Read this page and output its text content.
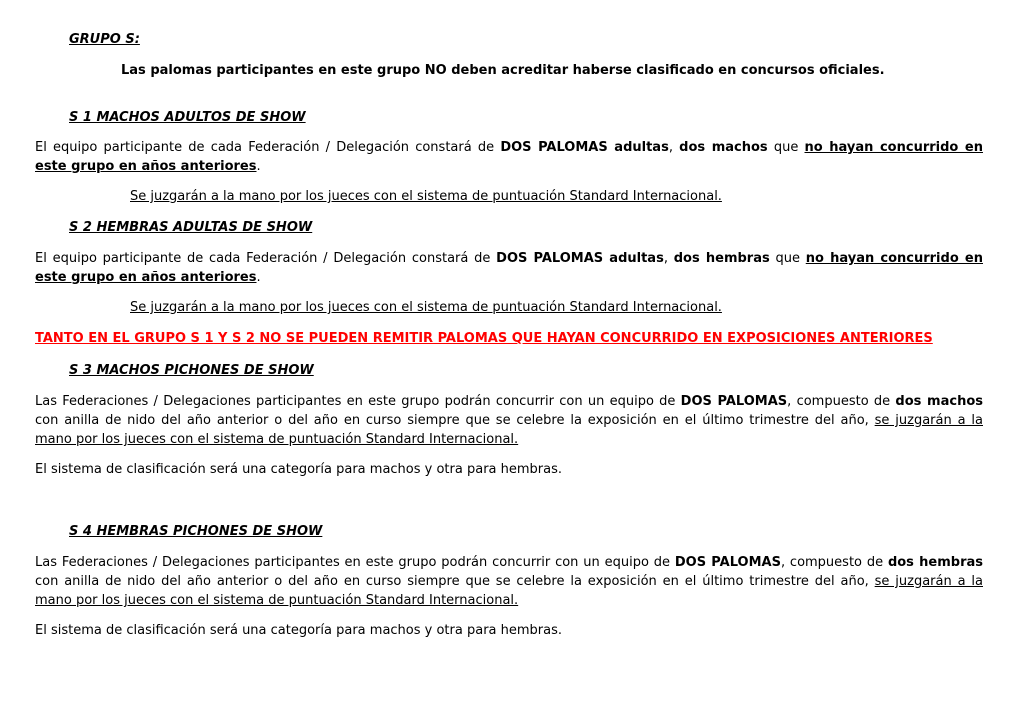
GRUPO S:
Las palomas participantes en este grupo NO deben acreditar haberse clasificado en concursos oficiales.
S 1 MACHOS ADULTOS DE SHOW
El equipo participante de cada Federación / Delegación constará de DOS PALOMAS adultas, dos machos que no hayan concurrido en
este grupo en años anteriores.
Se juzgarán a la mano por los jueces con el sistema de puntuación Standard Internacional.
S 2 HEMBRAS ADULTAS DE SHOW
El equipo participante de cada Federación / Delegación constará de DOS PALOMAS adultas, dos hembras que no hayan concurrido en
este grupo en años anteriores.
Se juzgarán a la mano por los jueces con el sistema de puntuación Standard Internacional.
TANTO EN EL GRUPO S 1 Y S 2 NO SE PUEDEN REMITIR PALOMAS QUE HAYAN CONCURRIDO EN EXPOSICIONES ANTERIORES
S 3 MACHOS PICHONES DE SHOW
Las Federaciones / Delegaciones participantes en este grupo podrán concurrir con un equipo de DOS PALOMAS, compuesto de dos machos
con anilla de nido del año anterior o del año en curso siempre que se celebre la exposición en el último trimestre del año, se juzgarán a la
mano por los jueces con el sistema de puntuación Standard Internacional.
El sistema de clasificación será una categoría para machos y otra para hembras.
S 4 HEMBRAS PICHONES DE SHOW
Las Federaciones / Delegaciones participantes en este grupo podrán concurrir con un equipo de DOS PALOMAS, compuesto de dos hembras
con anilla de nido del año anterior o del año en curso siempre que se celebre la exposición en el último trimestre del año, se juzgarán a la
mano por los jueces con el sistema de puntuación Standard Internacional.
El sistema de clasificación será una categoría para machos y otra para hembras.
